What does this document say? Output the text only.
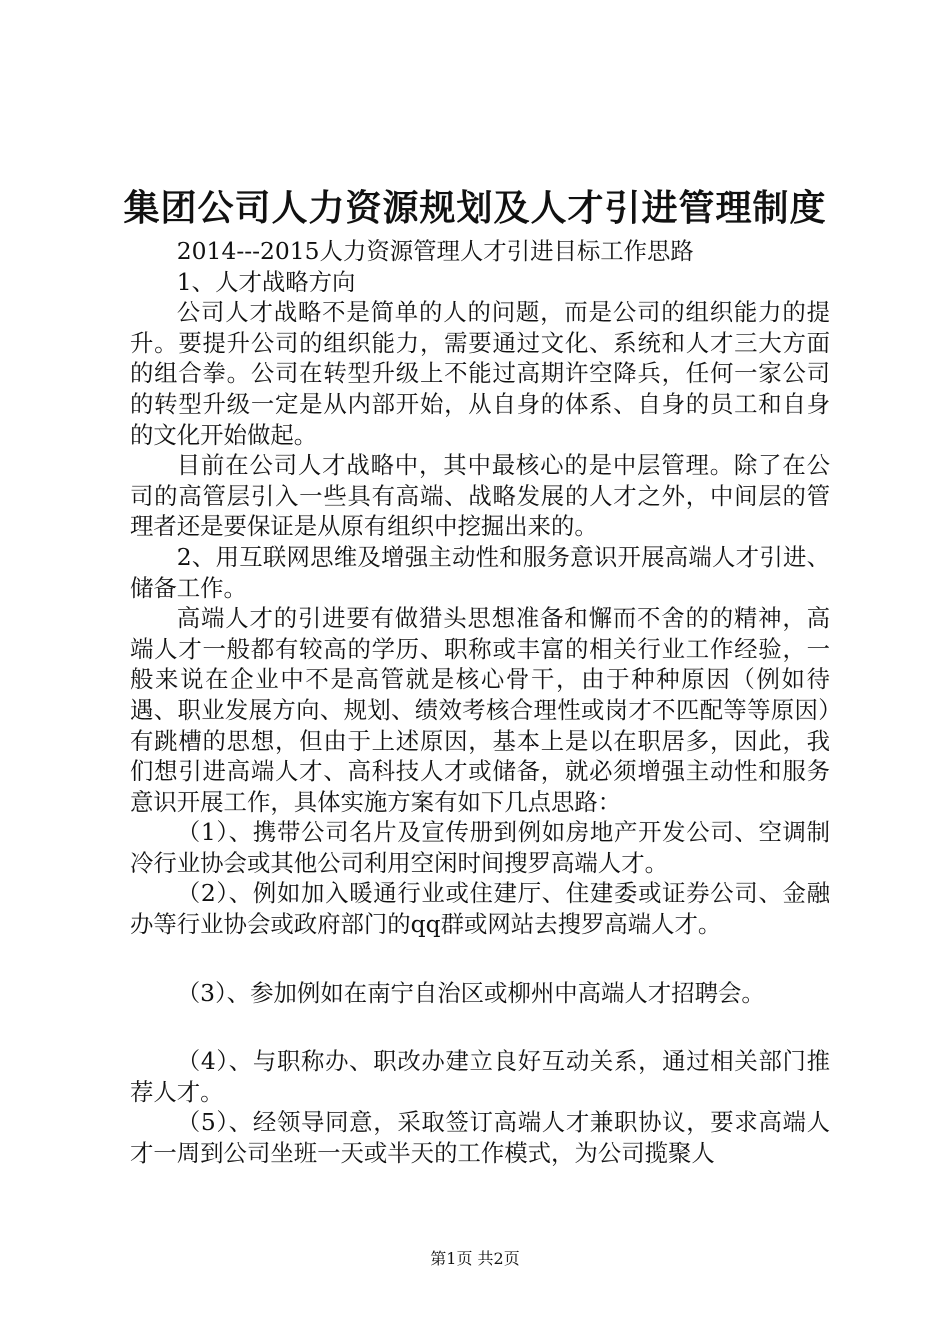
集团公司人力资源规划及人才引进管理制度

2014---2015人力资源管理人才引进目标工作思路

1、人才战略方向

公司人才战略不是简单的人的问题，而是公司的组织能力的提升。要提升公司的组织能力，需要通过文化、系统和人才三大方面的组合拳。公司在转型升级上不能过高期许空降兵，任何一家公司的转型升级一定是从内部开始，从自身的体系、自身的员工和自身的文化开始做起。

目前在公司人才战略中，其中最核心的是中层管理。除了在公司的高管层引入一些具有高端、战略发展的人才之外，中间层的管理者还是要保证是从原有组织中挖掘出来的。

2、用互联网思维及增强主动性和服务意识开展高端人才引进、储备工作。

高端人才的引进要有做猎头思想准备和懈而不舍的的精神，高端人才一般都有较高的学历、职称或丰富的相关行业工作经验，一般来说在企业中不是高管就是核心骨干，由于种种原因（例如待遇、职业发展方向、规划、绩效考核合理性或岗才不匹配等等原因）有跳槽的思想，但由于上述原因，基本上是以在职居多，因此，我们想引进高端人才、高科技人才或储备，就必须增强主动性和服务意识开展工作，具体实施方案有如下几点思路：

（1）、携带公司名片及宣传册到例如房地产开发公司、空调制冷行业协会或其他公司利用空闲时间搜罗高端人才。

（2）、例如加入暖通行业或住建厅、住建委或证券公司、金融办等行业协会或政府部门的qq群或网站去搜罗高端人才。

（3）、参加例如在南宁自治区或柳州中高端人才招聘会。

（4）、与职称办、职改办建立良好互动关系，通过相关部门推荐人才。

（5）、经领导同意，采取签订高端人才兼职协议，要求高端人才一周到公司坐班一天或半天的工作模式，为公司揽聚人

第1页 共2页
